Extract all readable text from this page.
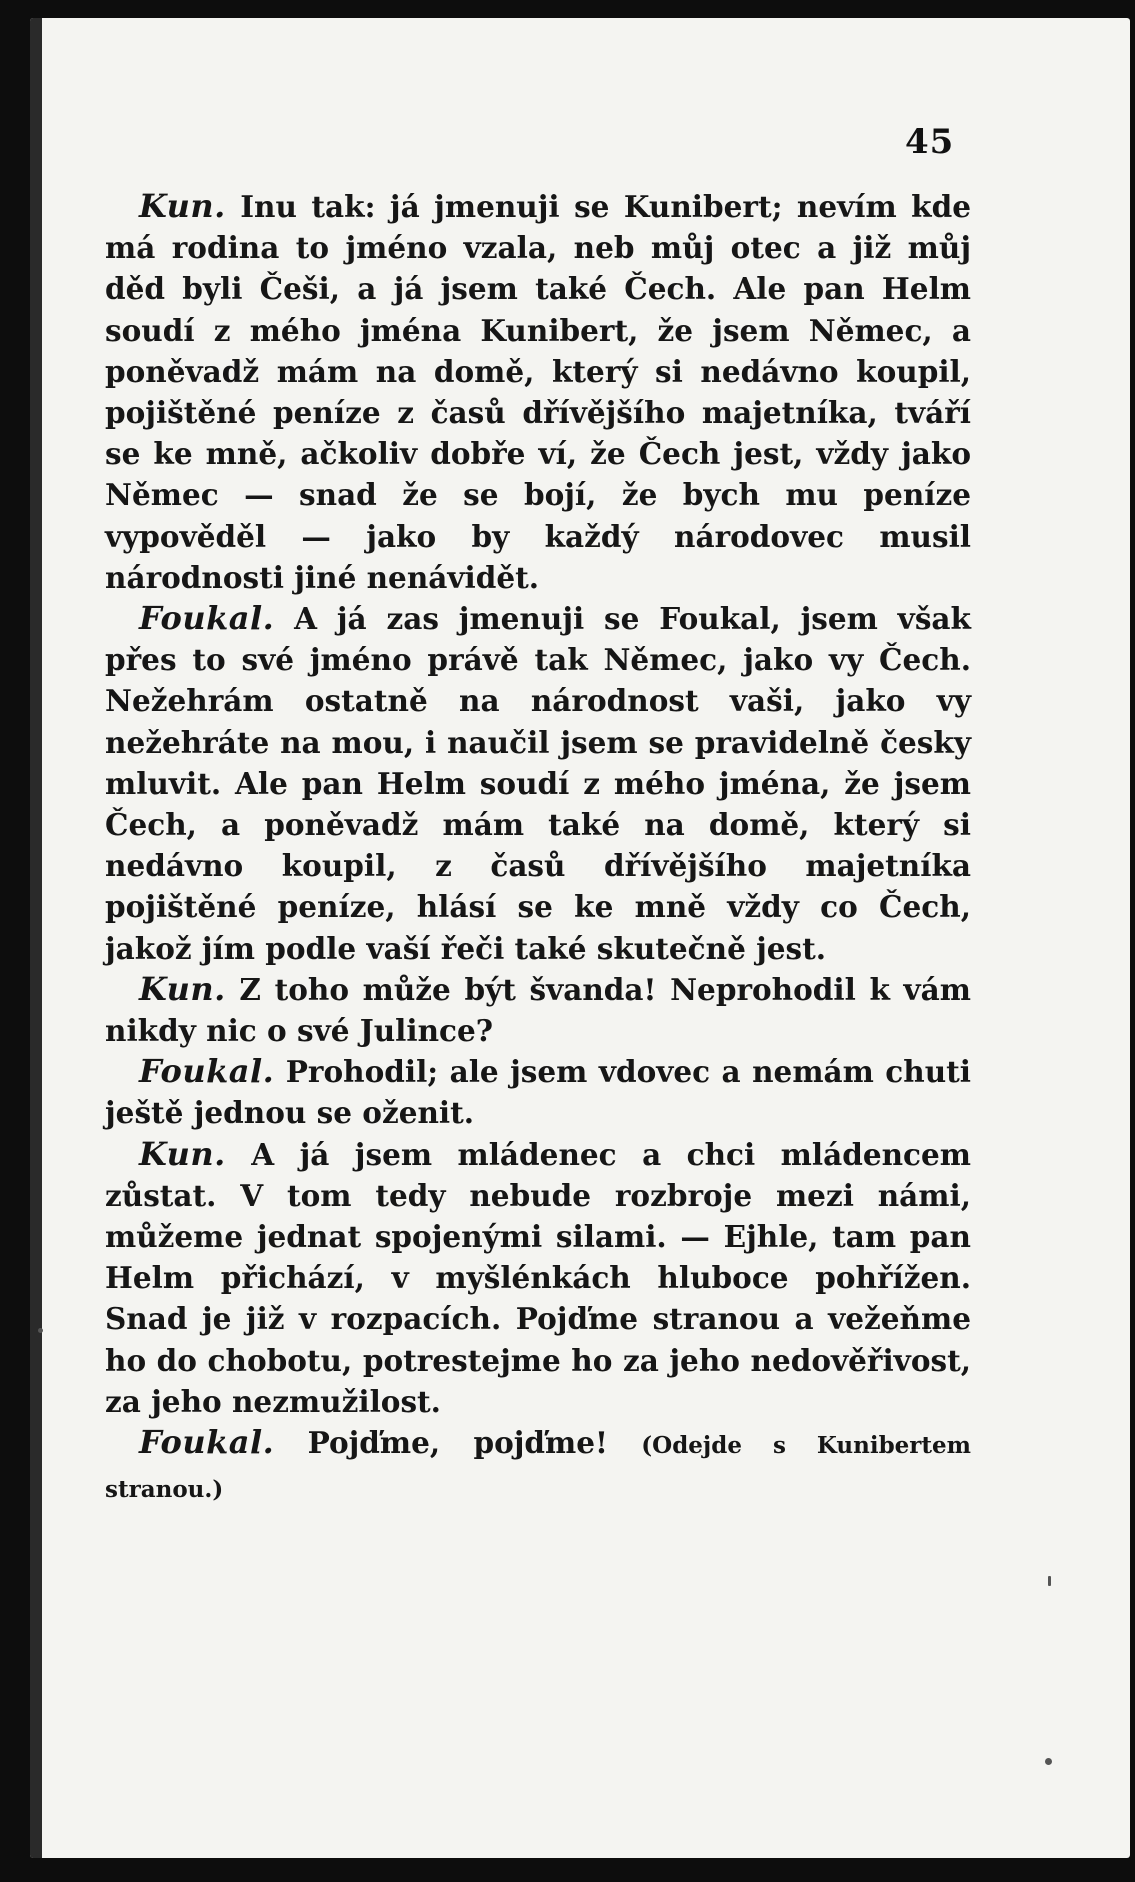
45

Kun. Inu tak: já jmenuji se Kunibert; nevím kde má rodina to jméno vzala, neb můj otec a již můj děd byli Češi, a já jsem také Čech. Ale pan Helm soudí z mého jména Kunibert, že jsem Němec, a poněvadž mám na domě, který si nedávno koupil, pojištěné peníze z časů dřívějšího majetníka, tváří se ke mně, ačkoliv dobře ví, že Čech jest, vždy jako Němec — snad že se bojí, že bych mu peníze vypověděl — jako by každý národovec musil národnosti jiné nenávidět.

Foukal. A já zas jmenuji se Foukal, jsem však přes to své jméno právě tak Němec, jako vy Čech. Nežehrám ostatně na národnost vaši, jako vy nežehráte na mou, i naučil jsem se pravidelně česky mluvit. Ale pan Helm soudí z mého jména, že jsem Čech, a poněvadž mám také na domě, který si nedávno koupil, z časů dřívějšího majetníka pojištěné peníze, hlásí se ke mně vždy co Čech, jakož jím podle vaší řeči také skutečně jest.

Kun. Z toho může být švanda! Neprohodil k vám nikdy nic o své Julince?

Foukal. Prohodil; ale jsem vdovec a nemám chuti ještě jednou se oženit.

Kun. A já jsem mládenec a chci mládencem zůstat. V tom tedy nebude rozbroje mezi námi, můžeme jednat spojenými silami. — Ejhle, tam pan Helm přichází, v myšlénkách hluboce pohřížen. Snad je již v rozpacích. Pojďme stranou a vežeňme ho do chobotu, potrestejme ho za jeho nedověřivost, za jeho nezmužilost.

Foukal. Pojďme, pojďme! (Odejde s Kunibertem stranou.)
